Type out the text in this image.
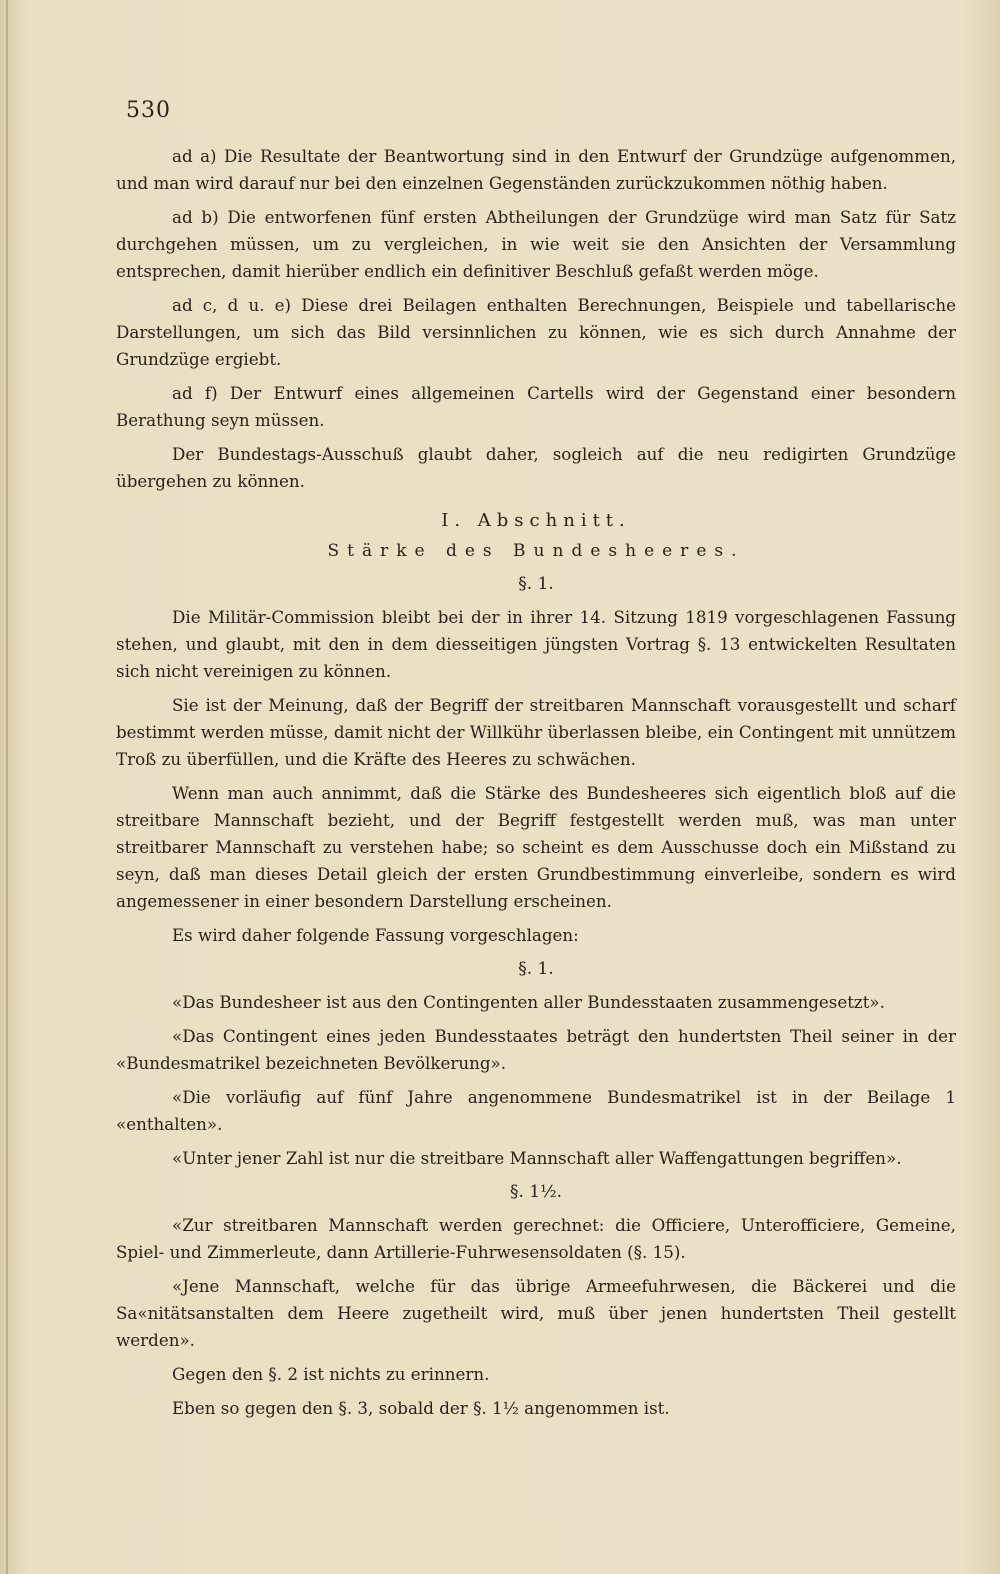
530

ad a) Die Resultate der Beantwortung sind in den Entwurf der Grundzüge aufgenommen, und man wird darauf nur bei den einzelnen Gegenständen zurückzukommen nöthig haben.

ad b) Die entworfenen fünf ersten Abtheilungen der Grundzüge wird man Satz für Satz durchgehen müssen, um zu vergleichen, in wie weit sie den Ansichten der Versammlung entsprechen, damit hierüber endlich ein definitiver Beschluß gefaßt werden möge.

ad c, d u. e) Diese drei Beilagen enthalten Berechnungen, Beispiele und tabellarische Darstellungen, um sich das Bild versinnlichen zu können, wie es sich durch Annahme der Grundzüge ergiebt.

ad f) Der Entwurf eines allgemeinen Cartells wird der Gegenstand einer besondern Berathung seyn müssen.

Der Bundestags-Ausschuß glaubt daher, sogleich auf die neu redigirten Grundzüge übergehen zu können.

I. Abschnitt.

Stärke des Bundesheeres.

§. 1.

Die Militär-Commission bleibt bei der in ihrer 14. Sitzung 1819 vorgeschlagenen Fassung stehen, und glaubt, mit den in dem diesseitigen jüngsten Vortrag §. 13 entwickelten Resultaten sich nicht vereinigen zu können.

Sie ist der Meinung, daß der Begriff der streitbaren Mannschaft vorausgestellt und scharf bestimmt werden müsse, damit nicht der Willkühr überlassen bleibe, ein Contingent mit unnützem Troß zu überfüllen, und die Kräfte des Heeres zu schwächen.

Wenn man auch annimmt, daß die Stärke des Bundesheeres sich eigentlich bloß auf die streitbare Mannschaft bezieht, und der Begriff festgestellt werden muß, was man unter streitbarer Mannschaft zu verstehen habe; so scheint es dem Ausschusse doch ein Mißstand zu seyn, daß man dieses Detail gleich der ersten Grundbestimmung einverleibe, sondern es wird angemessener in einer besondern Darstellung erscheinen.

Es wird daher folgende Fassung vorgeschlagen:

§. 1.

«Das Bundesheer ist aus den Contingenten aller Bundesstaaten zusammengesetzt».

«Das Contingent eines jeden Bundesstaates beträgt den hundertsten Theil seiner in der «Bundesmatrikel bezeichneten Bevölkerung».

«Die vorläufig auf fünf Jahre angenommene Bundesmatrikel ist in der Beilage 1 «enthalten».

«Unter jener Zahl ist nur die streitbare Mannschaft aller Waffengattungen begriffen».

§. 1½.

«Zur streitbaren Mannschaft werden gerechnet: die Officiere, Unterofficiere, Gemeine, Spiel- und Zimmerleute, dann Artillerie-Fuhrwesensoldaten (§. 15).

«Jene Mannschaft, welche für das übrige Armeefuhrwesen, die Bäckerei und die Sa«nitätsanstalten dem Heere zugetheilt wird, muß über jenen hundertsten Theil gestellt werden».

Gegen den §. 2 ist nichts zu erinnern.

Eben so gegen den §. 3, sobald der §. 1½ angenommen ist.
